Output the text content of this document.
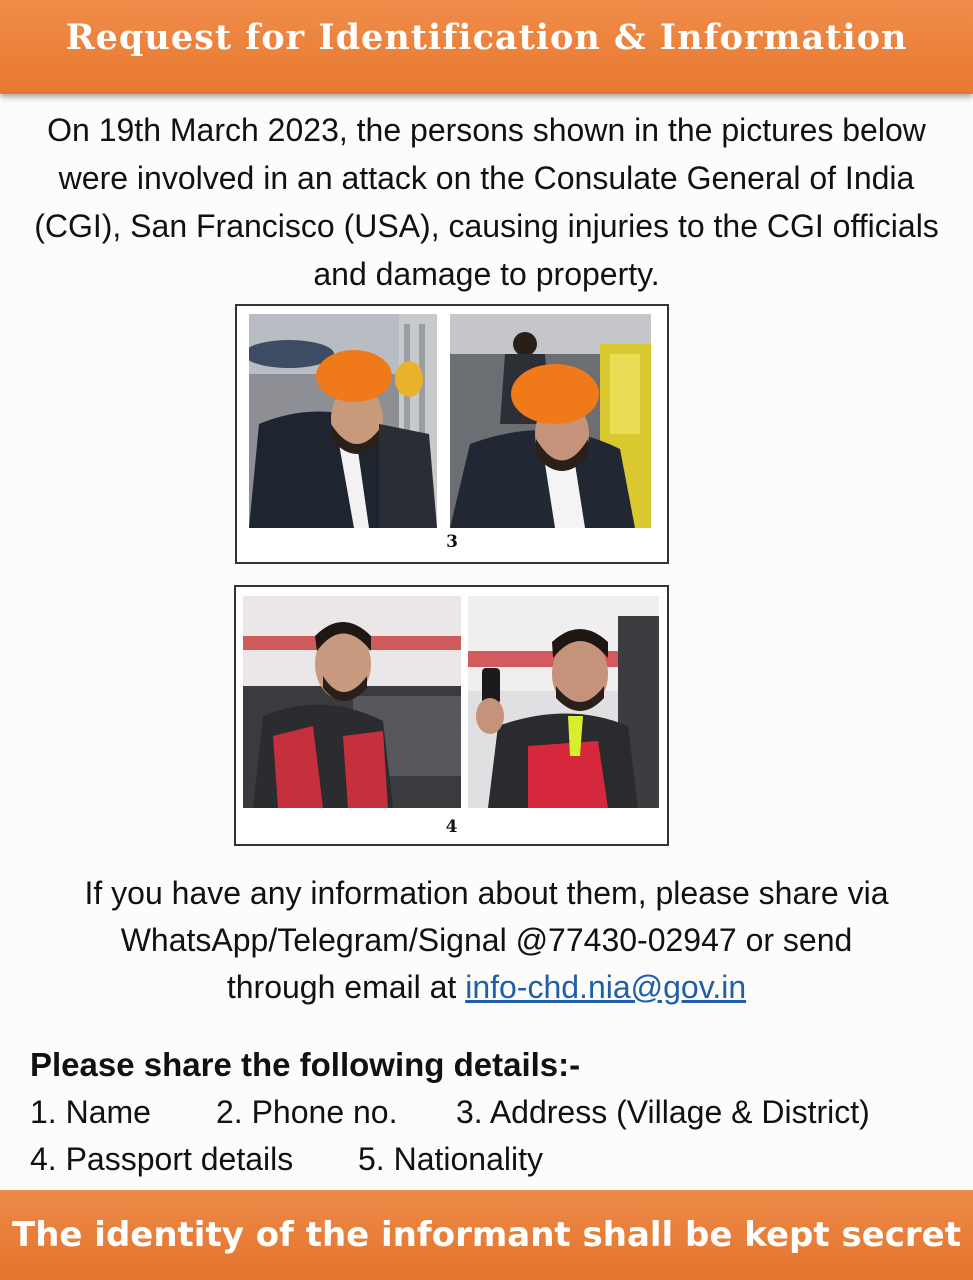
Request for Identification & Information

On 19th March 2023, the persons shown in the pictures below were involved in an attack on the Consulate General of India (CGI), San Francisco (USA), causing injuries to the CGI officials and damage to property.

3
4
If you have any information about them, please share via
WhatsApp/Telegram/Signal @77430-02947 or send
through email at info-chd.nia@gov.in

Please share the following details:-

1. Name 2. Phone no. 3. Address (Village & District)
4. Passport details 5. Nationality
The identity of the informant shall be kept secret
